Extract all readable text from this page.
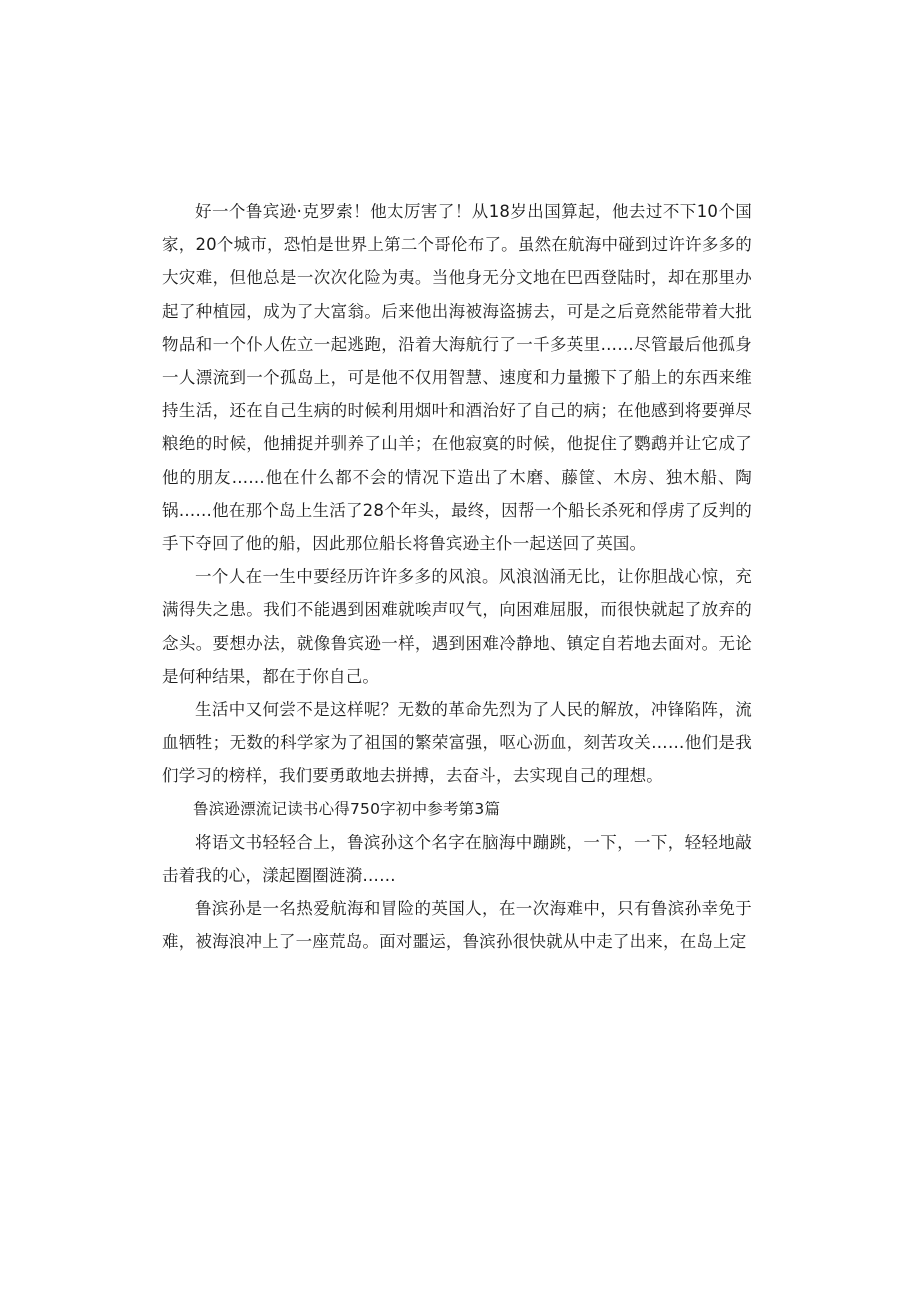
好一个鲁宾逊·克罗索！他太厉害了！从18岁出国算起，他去过不下10个国家，20个城市，恐怕是世界上第二个哥伦布了。虽然在航海中碰到过许许多多的大灾难，但他总是一次次化险为夷。当他身无分文地在巴西登陆时，却在那里办起了种植园，成为了大富翁。后来他出海被海盗掳去，可是之后竟然能带着大批物品和一个仆人佐立一起逃跑，沿着大海航行了一千多英里……尽管最后他孤身一人漂流到一个孤岛上，可是他不仅用智慧、速度和力量搬下了船上的东西来维持生活，还在自己生病的时候利用烟叶和酒治好了自己的病；在他感到将要弹尽粮绝的时候，他捕捉并驯养了山羊；在他寂寞的时候，他捉住了鹦鹉并让它成了他的朋友……他在什么都不会的情况下造出了木磨、藤筐、木房、独木船、陶锅……他在那个岛上生活了28个年头，最终，因帮一个船长杀死和俘虏了反判的手下夺回了他的船，因此那位船长将鲁宾逊主仆一起送回了英国。

一个人在一生中要经历许许多多的风浪。风浪汹涌无比，让你胆战心惊，充满得失之患。我们不能遇到困难就唉声叹气，向困难屈服，而很快就起了放弃的念头。要想办法，就像鲁宾逊一样，遇到困难冷静地、镇定自若地去面对。无论是何种结果，都在于你自己。

生活中又何尝不是这样呢？无数的革命先烈为了人民的解放，冲锋陷阵，流血牺牲；无数的科学家为了祖国的繁荣富强，呕心沥血，刻苦攻关……他们是我们学习的榜样，我们要勇敢地去拼搏，去奋斗，去实现自己的理想。

鲁滨逊漂流记读书心得750字初中参考第3篇

将语文书轻轻合上，鲁滨孙这个名字在脑海中蹦跳，一下，一下，轻轻地敲击着我的心，漾起圈圈涟漪……

鲁滨孙是一名热爱航海和冒险的英国人，在一次海难中，只有鲁滨孙幸免于难，被海浪冲上了一座荒岛。面对噩运，鲁滨孙很快就从中走了出来，在岛上定
